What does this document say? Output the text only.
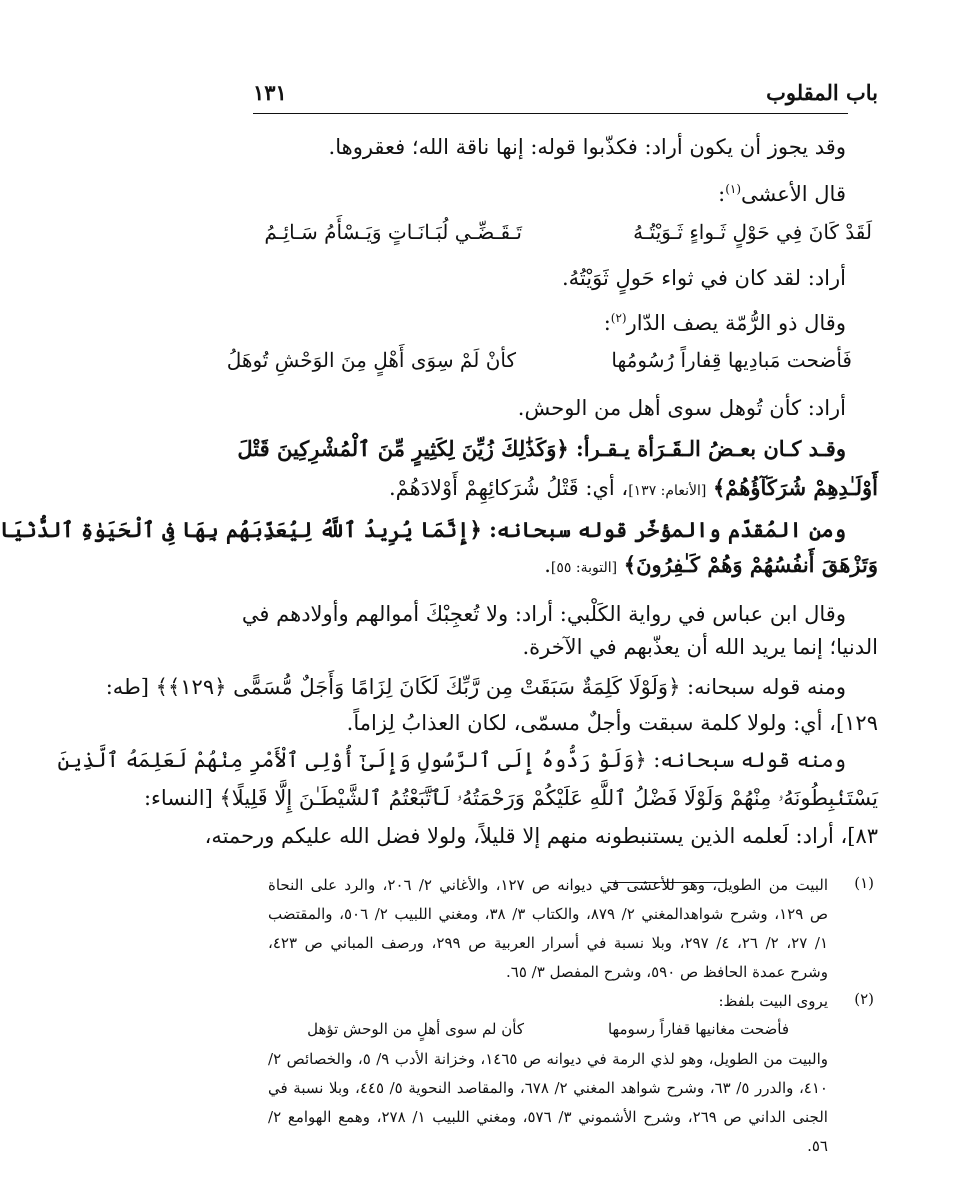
باب المقلوب
١٣١
وقد يجوز أن يكون أراد: فكذّبوا قوله: إنها ناقة الله؛ فعقروها.
قال الأعشى$^{(١)}$:
لَقَدْ كَانَ فِي حَوْلٍ ثَـواءٍ ثَـوَيْتُـهُ
تَـقَـضِّـي لُبَـانَـاتٍ وَيَـسْأَمُ سَـائِـمُ
أراد: لقد كان في ثواء حَولٍ ثَوَيْتُهُ.
وقال ذو الرُّمّة يصف الدّار$^{(٢)}$:
فَأضحت مَبادِيها قِفاراً رُسُومُها
كأنْ لَمْ سِوَى أَهْلٍ مِنَ الوَحْشِ تُوهَلُ
أراد: كأن تُوهل سوى أهل من الوحش.
وقـد كـان بعـضُ الـقَـرَأة يـقـرأ: ﴿وَكَذَٰلِكَ زُيِّنَ لِكَثِيرٍ مِّنَ ٱلْمُشْرِكِينَ قَتْلَ
أَوْلَـٰدِهِمْ شُرَكَآؤُهُمْ﴾ [الأنعام: ١٣٧]، أي: قَتْلُ شُرَكائِهِمْ أَوْلادَهُمْ.
ومن المُقدّم والمؤخّر قوله سبحانه: ﴿إِنَّمَا يُرِيدُ ٱللَّهُ لِيُعَذِّبَهُم بِهَا فِى ٱلْحَيَوٰةِ ٱلدُّنْيَا
وَتَزْهَقَ أَنفُسُهُمْ وَهُمْ كَـٰفِرُونَ﴾ [التوبة: ٥٥].
وقال ابن عباس في رواية الكَلْبي: أراد: ولا تُعجِبْكَ أموالهم وأولادهم في
الدنيا؛ إنما يريد الله أن يعذّبهم في الآخرة.
ومنه قوله سبحانه: ﴿وَلَوْلَا كَلِمَةٌ سَبَقَتْ مِن رَّبِّكَ لَكَانَ لِزَامًا وَأَجَلٌ مُّسَمًّى ﴿١٢٩﴾﴾ [طه:
١٢٩]، أي: ولولا كلمة سبقت وأجلٌ مسمّى، لكان العذابُ لِزاماً.
ومنه قوله سبحانه: ﴿وَلَوْ رَدُّوهُ إِلَى ٱلرَّسُولِ وَإِلَىٰٓ أُوْلِى ٱلْأَمْرِ مِنْهُمْ لَعَلِمَهُ ٱلَّذِينَ
يَسْتَنۢبِطُونَهُۥ مِنْهُمْ وَلَوْلَا فَضْلُ ٱللَّهِ عَلَيْكُمْ وَرَحْمَتُهُۥ لَٱتَّبَعْتُمُ ٱلشَّيْطَـٰنَ إِلَّا قَلِيلًا﴾ [النساء:
٨٣]، أراد: لَعلمه الذين يستنبطونه منهم إلا قليلاً، ولولا فضل الله عليكم ورحمته،
(١)
البيت من الطويل، وهو للأعشى في ديوانه ص ١٢٧، والأغاني ٢/ ٢٠٦، والرد على النحاة
ص ١٢٩، وشرح شواهدالمغني ٢/ ٨٧٩، والكتاب ٣/ ٣٨، ومغني اللبيب ٢/ ٥٠٦، والمقتضب
١/ ٢٧، ٢/ ٢٦، ٤/ ٢٩٧، وبلا نسبة في أسرار العربية ص ٢٩٩، ورصف المباني ص ٤٢٣،
وشرح عمدة الحافظ ص ٥٩٠، وشرح المفصل ٣/ ٦٥.
(٢)
يروى البيت بلفظ:
فأضحت مغانيها قفاراً رسومها
كأن لم سوى أهلٍ من الوحش تؤهل
والبيت من الطويل، وهو لذي الرمة في ديوانه ص ١٤٦٥، وخزانة الأدب ٩/ ٥، والخصائص ٢/
٤١٠، والدرر ٥/ ٦٣، وشرح شواهد المغني ٢/ ٦٧٨، والمقاصد النحوية ٥/ ٤٤٥، وبلا نسبة في
الجنى الداني ص ٢٦٩، وشرح الأشموني ٣/ ٥٧٦، ومغني اللبيب ١/ ٢٧٨، وهمع الهوامع ٢/
٥٦.
